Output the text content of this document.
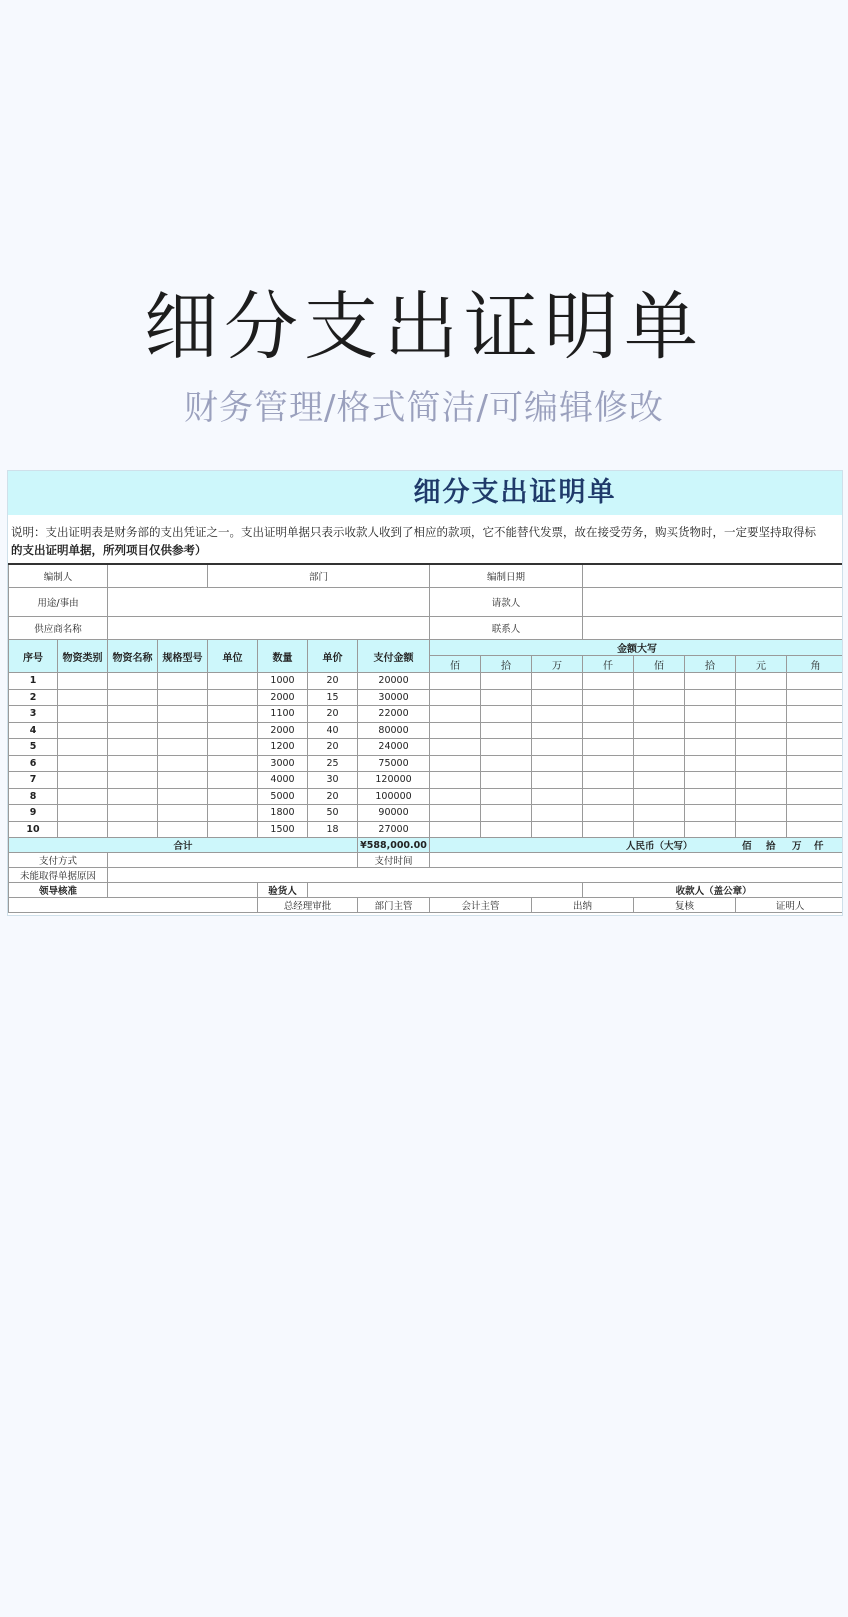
细分支出证明单
财务管理/格式简洁/可编辑修改
细分支出证明单
说明：支出证明表是财务部的支出凭证之一。支出证明单据只表示收款人收到了相应的款项，它不能替代发票，故在接受劳务，购买货物时，一定要坚持取得标
的支出证明单据，所列项目仅供参考）
编制人				部门				编制日期							
用途/事由								请款人							
供应商名称								联系人							
序号	物资类别	物资名称	规格型号	单位	数量	单价	支付金额	金额大写							
								佰	拾	万	仟	佰	拾	元	角
1					1000	20	20000								
2					2000	15	30000								
3					1100	20	22000								
4					2000	40	80000								
5					1200	20	24000								
6					3000	25	75000								
7					4000	30	120000								
8					5000	20	100000								
9					1800	50	90000								
10					1500	18	27000								
合计							¥588,000.00	人民币（大写） 佰 拾 万 仟							

支付方式							支付时间								
未能取得单据原因															
领导核准					验货人						收款人（盖公章）				
					总经理审批		部门主管	会计主管		出纳		复核		证明人	
